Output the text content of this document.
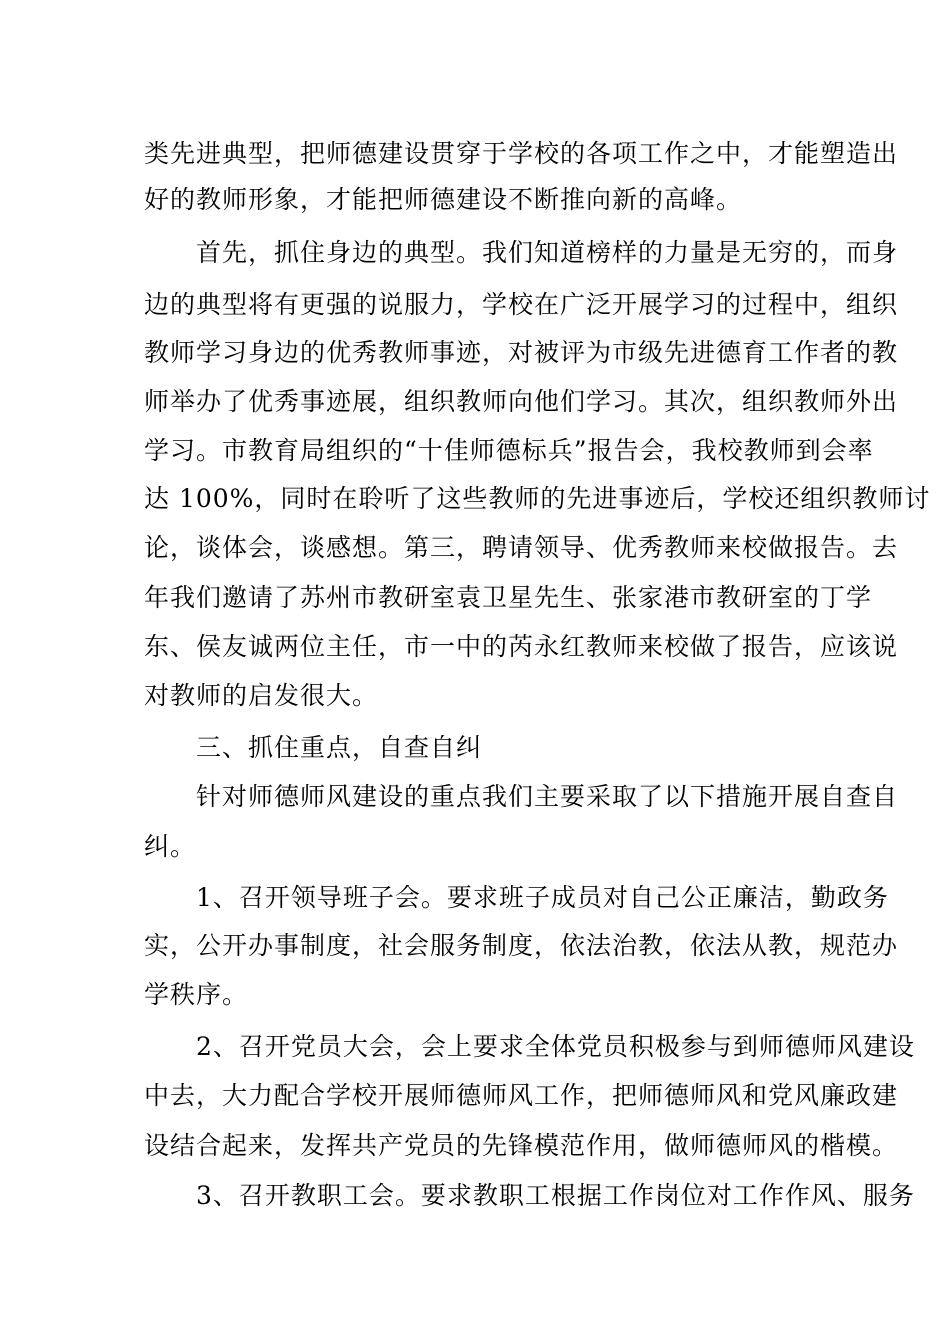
类先进典型，把师德建设贯穿于学校的各项工作之中，才能塑造出
好的教师形象，才能把师德建设不断推向新的高峰。
首先，抓住身边的典型。我们知道榜样的力量是无穷的，而身
边的典型将有更强的说服力，学校在广泛开展学习的过程中，组织
教师学习身边的优秀教师事迹，对被评为市级先进德育工作者的教
师举办了优秀事迹展，组织教师向他们学习。其次，组织教师外出
学习。市教育局组织的“十佳师德标兵”报告会，我校教师到会率
达 100%，同时在聆听了这些教师的先进事迹后，学校还组织教师讨
论，谈体会，谈感想。第三，聘请领导、优秀教师来校做报告。去
年我们邀请了苏州市教研室袁卫星先生、张家港市教研室的丁学
东、侯友诚两位主任，市一中的芮永红教师来校做了报告，应该说
对教师的启发很大。
三、抓住重点，自查自纠
针对师德师风建设的重点我们主要采取了以下措施开展自查自
纠。
1、召开领导班子会。要求班子成员对自己公正廉洁，勤政务
实，公开办事制度，社会服务制度，依法治教，依法从教，规范办
学秩序。
2、召开党员大会，会上要求全体党员积极参与到师德师风建设
中去，大力配合学校开展师德师风工作，把师德师风和党风廉政建
设结合起来，发挥共产党员的先锋模范作用，做师德师风的楷模。
3、召开教职工会。要求教职工根据工作岗位对工作作风、服务
